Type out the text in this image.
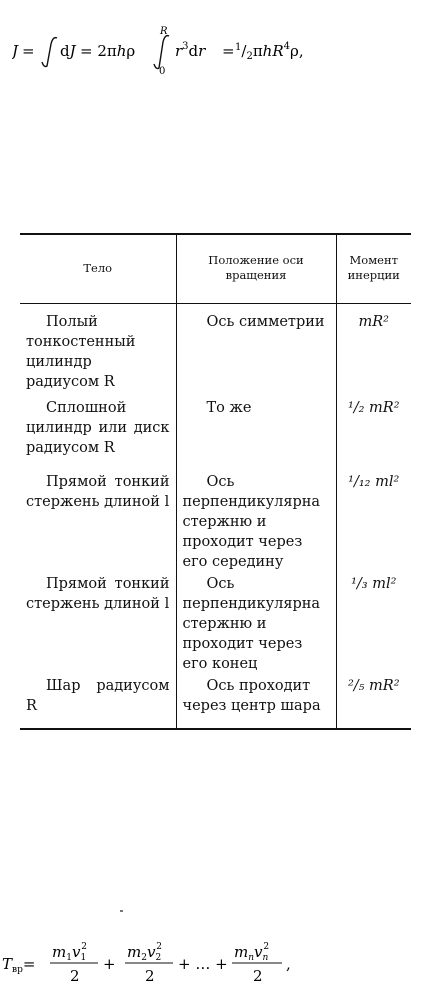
J = dJ = 2πhρ
R
0
$r^3dr = ^1/_2\pi hR^4\rho$,
Тело	Положение оси вращения	Момент инерции
Полый тонкостенный цилиндр радиусом R	Ось симметрии	mR²
Сплошной цилиндр или диск радиусом R	То же	¹/₂ mR²
Прямой тонкий стержень длиной l	Ось перпендикулярна стержню и проходит через его середину	¹/₁₂ ml²
Прямой тонкий стержень длиной l	Ось перпендикулярна стержню и проходит через его конец	¹/₃ ml²
Шар радиусом R	Ось проходит через центр шара	²/₅ mR²
$T_{вр}=$
$m_1v_12$
2
+
$m_2v_22$
2
+ … +
$m_nv_n2$
2
,
